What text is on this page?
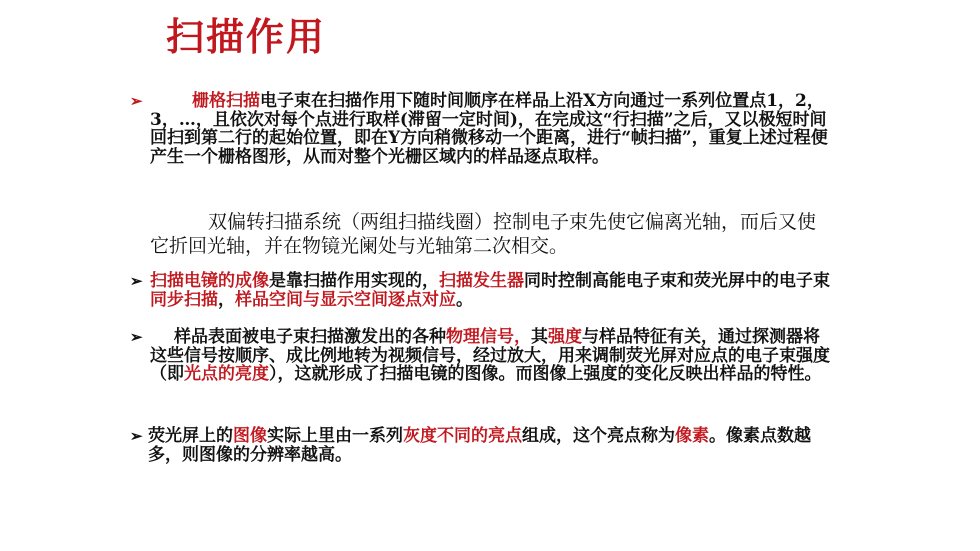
扫描作用
➢	栅格扫描电子束在扫描作用下随时间顺序在样品上沿X方向通过一系列位置点1，2，3，…，且依次对每个点进行取样(滞留一定时间)，在完成这“行扫描”之后，又以极短时间回扫到第二行的起始位置，即在Y方向稍微移动一个距离，进行“帧扫描”，重复上述过程便产生一个栅格图形，从而对整个光栅区域内的样品逐点取样。
双偏转扫描系统（两组扫描线圈）控制电子束先使它偏离光轴，而后又使它折回光轴，并在物镜光阑处与光轴第二次相交。
➢ 扫描电镜的成像是靠扫描作用实现的，扫描发生器同时控制高能电子束和荧光屏中的电子束同步扫描，样品空间与显示空间逐点对应。
➢	样品表面被电子束扫描激发出的各种物理信号，其强度与样品特征有关，通过探测器将这些信号按顺序、成比例地转为视频信号，经过放大，用来调制荧光屏对应点的电子束强度（即光点的亮度），这就形成了扫描电镜的图像。而图像上强度的变化反映出样品的特性。
➢ 荧光屏上的图像实际上里由一系列灰度不同的亮点组成，这个亮点称为像素。像素点数越多，则图像的分辨率越高。
